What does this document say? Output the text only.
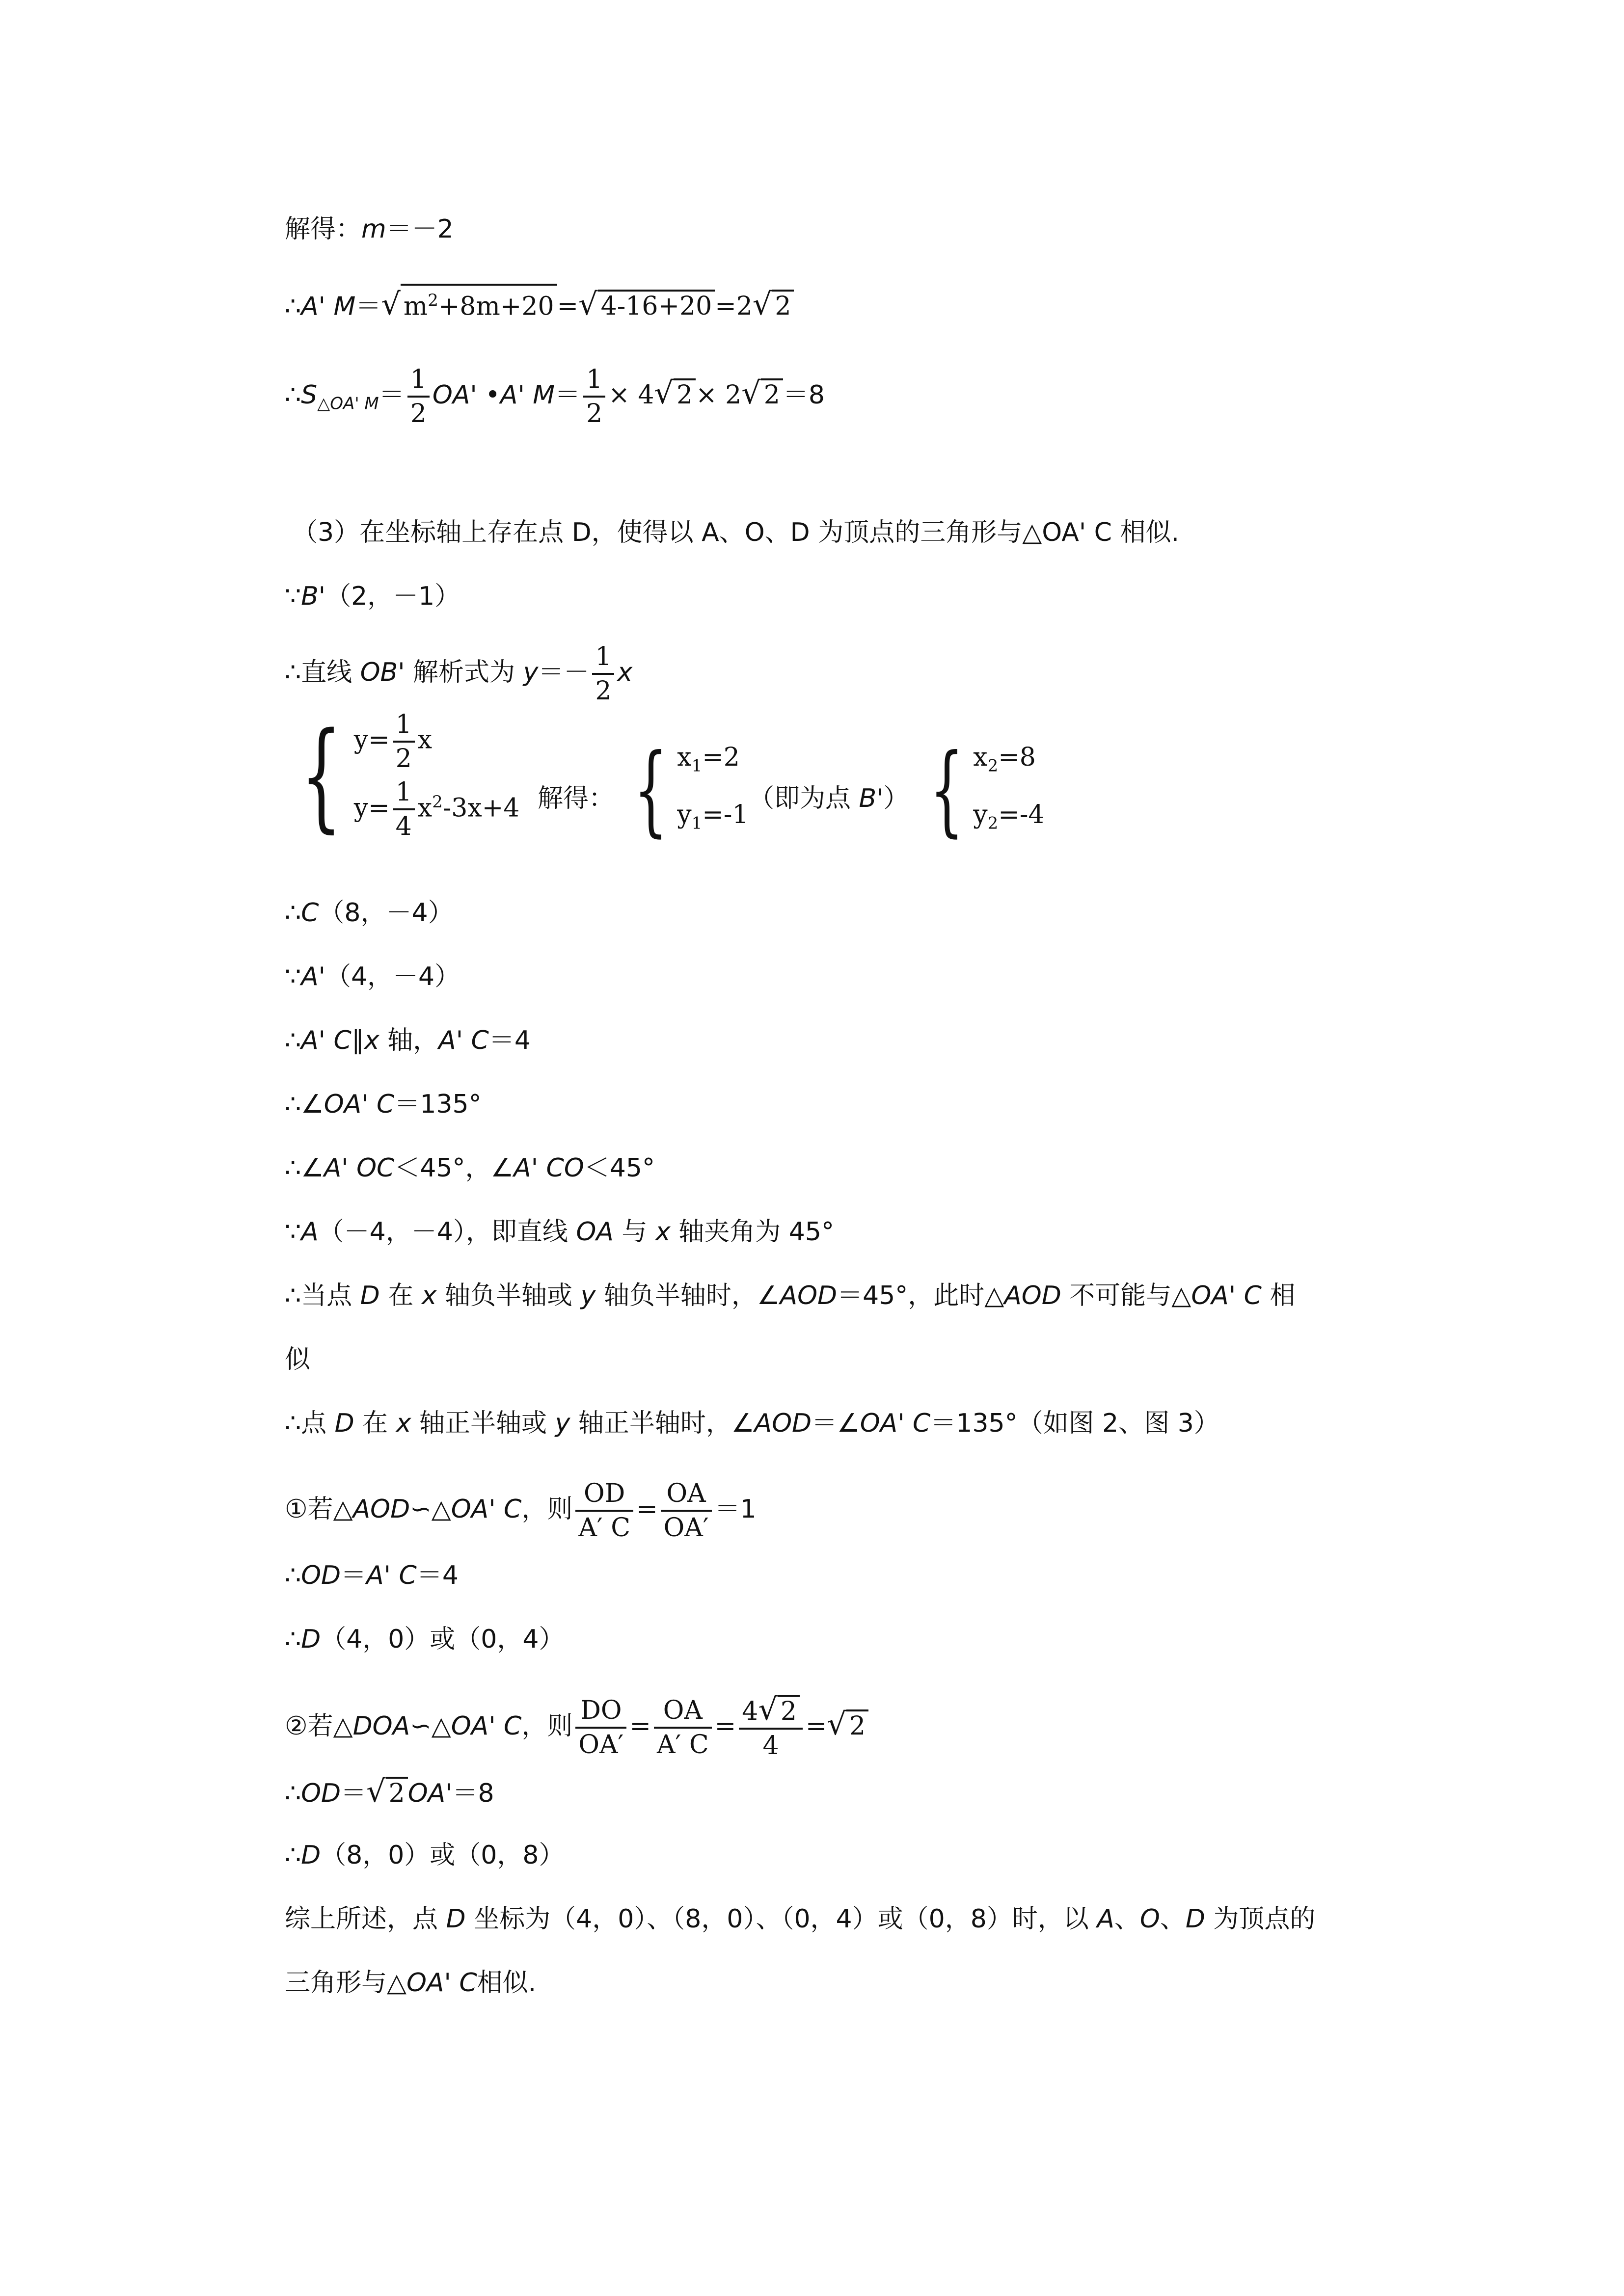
解得：m＝－2
∴A' M＝√ $m^2+8m+20$ =√ 4-16+20 =2√ 2
$\therefore S_{\triangle OA' M}= \frac{1}{2} OA'$ •A' $M= \frac{1}{2} \times 4√$ 2 × 2√ 2 ＝8
（3）在坐标轴上存在点 D，使得以 A、O、D 为顶点的三角形与△OA' C 相似.
∵B'（2，－1）
∴直线 OB' 解析式为 $y=- \frac{1}{2}$ x
{ $y= \frac{1}{2}$ x
$y= \frac{1}{4} x^2-3x+4$ 解得： { $x_1=2$
$y_1=-1$
（即为点 B'） { $x_2=8$
$y_2=-4$
∴C（8，－4）
∵A'（4，－4）
∴A' C∥x 轴，A' C＝4
∴∠OA' C＝135°
∴∠A' OC＜45°，∠A' CO＜45°
∵A（－4，－4），即直线 OA 与 x 轴夹角为 45°
∴当点 D 在 x 轴负半轴或 y 轴负半轴时，∠AOD＝45°，此时△AOD 不可能与△OA' C 相
似
∴点 D 在 x 轴正半轴或 y 轴正半轴时，∠AOD＝∠OA' C＝135°（如图 2、图 3）
①若△AOD∽△OA' C，则 $\frac{OD}{A' C} = \frac{OA}{OA'} =1$
∴OD＝A' C＝4
∴D（4，0）或（0，4）
②若△DOA∽△OA' C，则 $\frac{DO}{OA'} = \frac{OA}{A' C} = \frac{4√ 2}{4}$ =√ 2
∴OD＝√ 2 OA'＝8
∴D（8，0）或（0，8）
综上所述，点 D 坐标为（4，0）、（8，0）、（0，4）或（0，8）时，以 A、O、D 为顶点的
三角形与△OA' C相似.
